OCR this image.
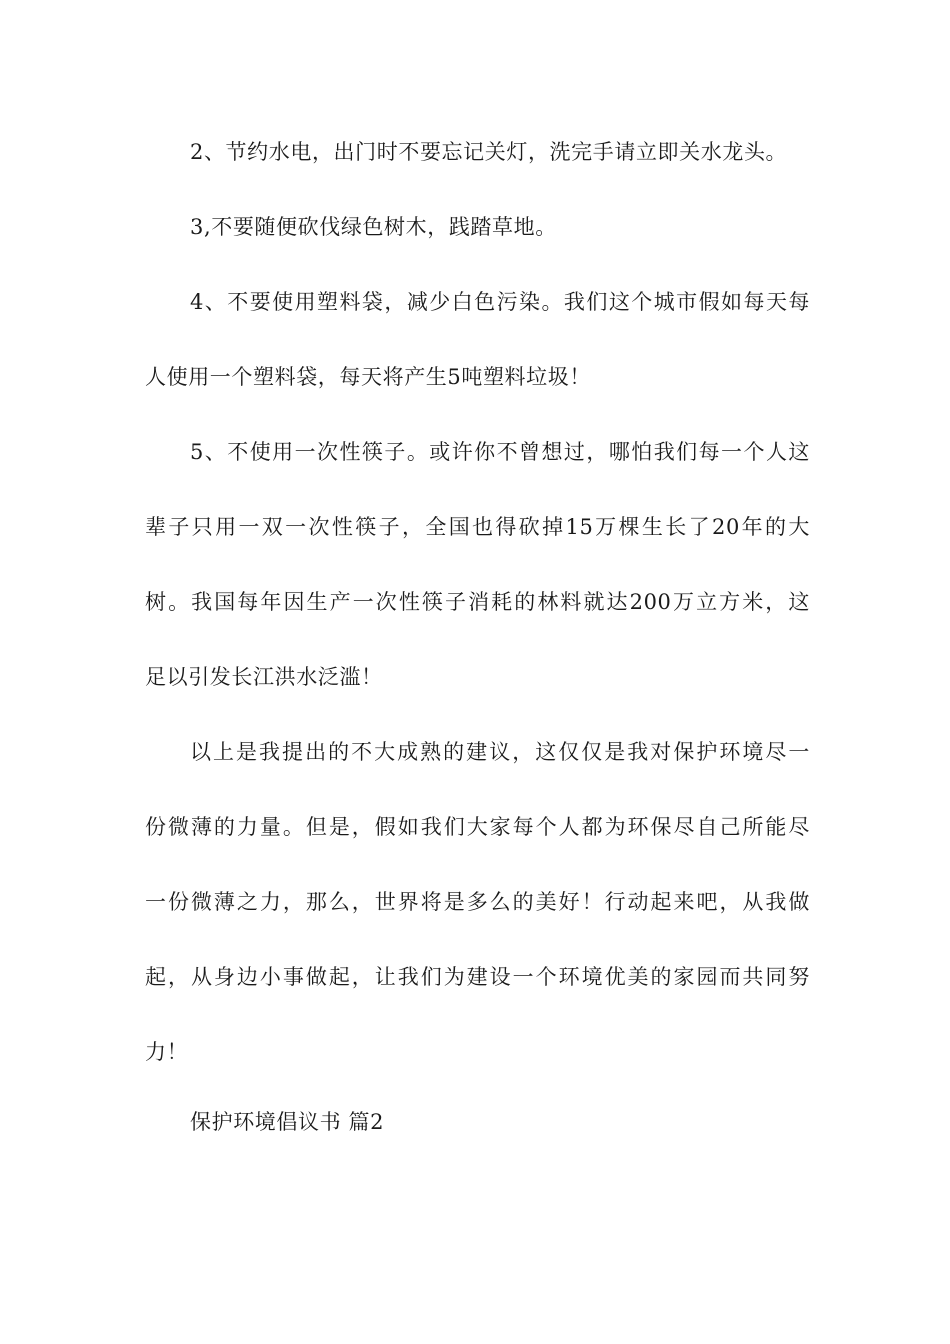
2、节约水电，出门时不要忘记关灯，洗完手请立即关水龙头。
3,不要随便砍伐绿色树木，践踏草地。
4、不要使用塑料袋，减少白色污染。我们这个城市假如每天每
人使用一个塑料袋，每天将产生5吨塑料垃圾！
5、不使用一次性筷子。或许你不曾想过，哪怕我们每一个人这
辈子只用一双一次性筷子，全国也得砍掉15万棵生长了20年的大
树。我国每年因生产一次性筷子消耗的林料就达200万立方米，这
足以引发长江洪水泛滥！
以上是我提出的不大成熟的建议，这仅仅是我对保护环境尽一
份微薄的力量。但是，假如我们大家每个人都为环保尽自己所能尽
一份微薄之力，那么，世界将是多么的美好！行动起来吧，从我做
起，从身边小事做起，让我们为建设一个环境优美的家园而共同努
力！
保护环境倡议书 篇2
